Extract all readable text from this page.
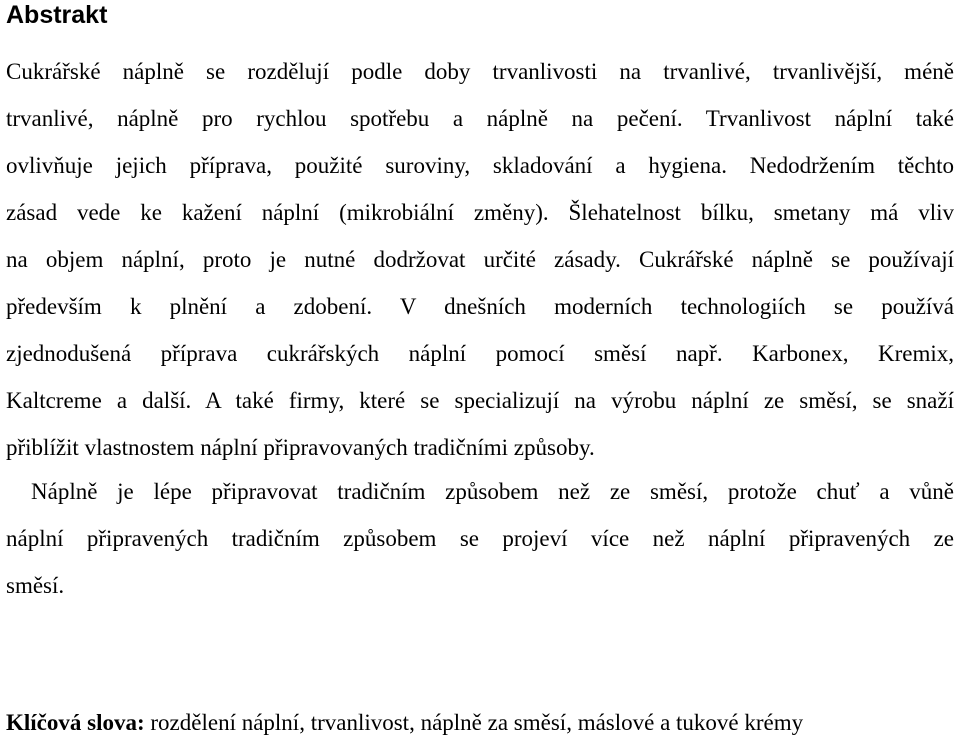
Abstrakt
Cukrářské náplně se rozdělují podle doby trvanlivosti na trvanlivé, trvanlivější, méně
trvanlivé, náplně pro rychlou spotřebu a náplně na pečení. Trvanlivost náplní také
ovlivňuje jejich příprava, použité suroviny, skladování a hygiena. Nedodržením těchto
zásad vede ke kažení náplní (mikrobiální změny). Šlehatelnost bílku, smetany má vliv
na objem náplní, proto je nutné dodržovat určité zásady. Cukrářské náplně se používají
především k plnění a zdobení. V dnešních moderních technologiích se používá
zjednodušená příprava cukrářských náplní pomocí směsí např. Karbonex, Kremix,
Kaltcreme a další. A také firmy, které se specializují na výrobu náplní ze směsí, se snaží
přiblížit vlastnostem náplní připravovaných tradičními způsoby.
Náplně je lépe připravovat tradičním způsobem než ze směsí, protože chuť a vůně
náplní připravených tradičním způsobem se projeví více než náplní připravených ze
směsí.
Klíčová slova: rozdělení náplní, trvanlivost, náplně za směsí, máslové a tukové krémy
